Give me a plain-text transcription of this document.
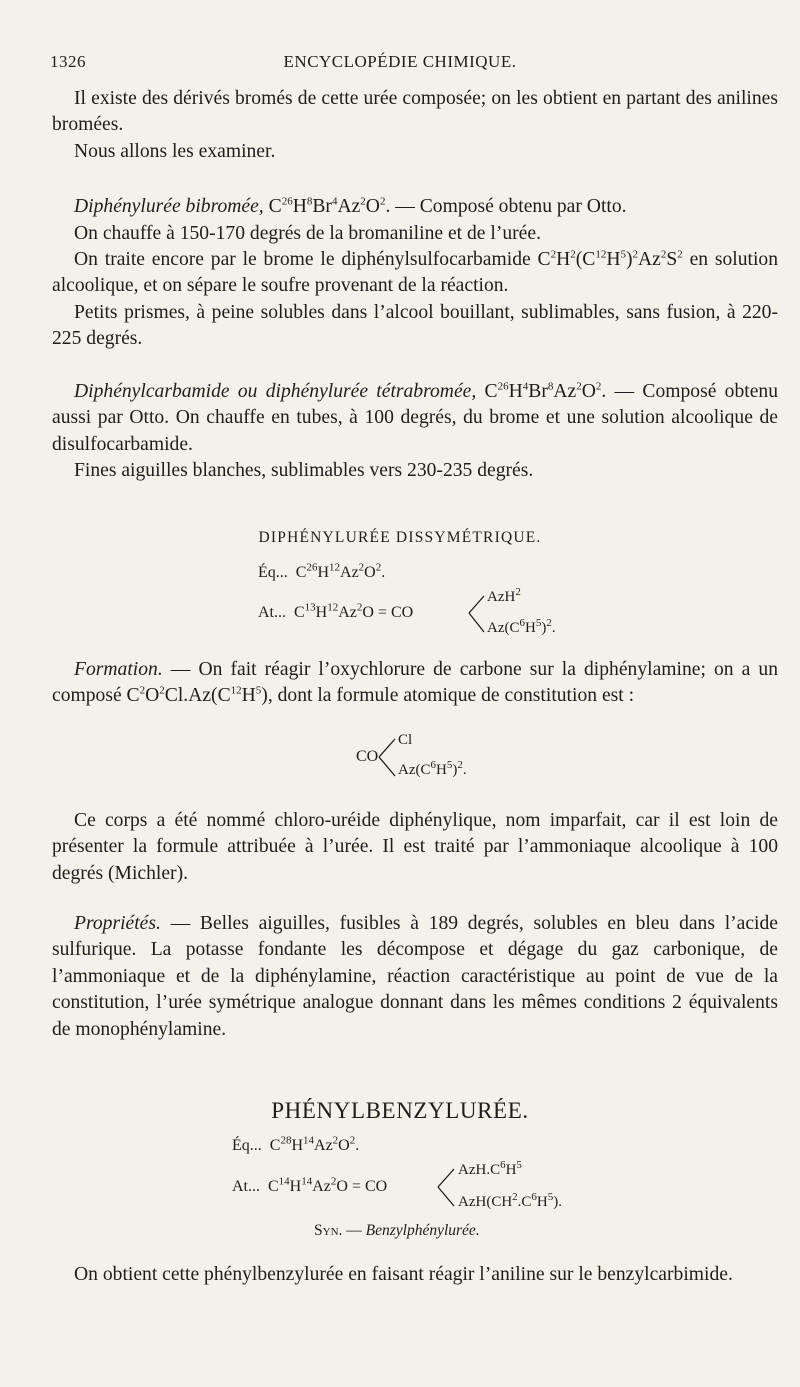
1326	ENCYCLOPÉDIE CHIMIQUE.
Il existe des dérivés bromés de cette urée composée; on les obtient en partant des anilines bromées.
Nous allons les examiner.
Diphénylurée bibromée, $C^{26}H^8Br^4Az^2O^2$. — Composé obtenu par Otto.
On chauffe à 150-170 degrés de la bromaniline et de l’urée.
On traite encore par le brome le diphénylsulfocarbamide $C^2H^2(C^{12}H^5)^2Az^2S^2$ en solution alcoolique, et on sépare le soufre provenant de la réaction.
Petits prismes, à peine solubles dans l’alcool bouillant, sublimables, sans fusion, à 220-225 degrés.
Diphénylcarbamide ou diphénylurée tétrabromée, $C^{26}H^4Br^8Az^2O^2$. — Composé obtenu aussi par Otto. On chauffe en tubes, à 100 degrés, du brome et une solution alcoolique de disulfocarbamide.
Fines aiguilles blanches, sublimables vers 230-235 degrés.
DIPHÉNYLURÉE DISSYMÉTRIQUE.
Éq... $C^{26}H^{12}Az^2O^2$.
At... $C^{13}H^{12}Az^2O$ = CO
AzH$^2$
$Az(C^6H^5)^2$.
Formation. — On fait réagir l’oxychlorure de carbone sur la diphénylamine; on a un composé $C^2O^2Cl.Az(C^{12}H^5)$, dont la formule atomique de constitution est :
CO
Cl
$Az(C^6H^5)^2$.
Ce corps a été nommé chloro-uréide diphénylique, nom imparfait, car il est loin de présenter la formule attribuée à l’urée. Il est traité par l’ammoniaque alcoolique à 100 degrés (Michler).
Propriétés. — Belles aiguilles, fusibles à 189 degrés, solubles en bleu dans l’acide sulfurique. La potasse fondante les décompose et dégage du gaz carbonique, de l’ammoniaque et de la diphénylamine, réaction caractéristique au point de vue de la constitution, l’urée symétrique analogue donnant dans les mêmes conditions 2 équivalents de monophénylamine.
PHÉNYLBENZYLURÉE.
Éq... $C^{28}H^{14}Az^2O^2$.
At... $C^{14}H^{14}Az^2O$ = CO
$AzH.C^6H^5$
$AzH(CH^2.C^6H^5)$.
Syn. — Benzylphénylurée.
On obtient cette phénylbenzylurée en faisant réagir l’aniline sur le benzylcarbimide.
